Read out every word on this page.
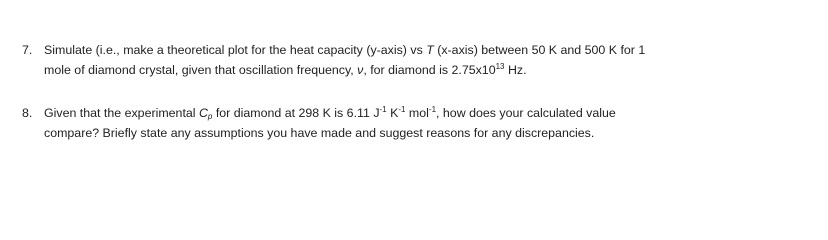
7. Simulate (i.e., make a theoretical plot for the heat capacity (y-axis) vs T (x-axis) between 50 K and 500 K for 1
mole of diamond crystal, given that oscillation frequency, ν, for diamond is $2.75x10^{13}$ Hz.
8. Given that the experimental $C_p$ for diamond at 298 K is 6.11 $J^{-1}$ $K^{-1}$ mol$^{-1}$, how does your calculated value
compare? Briefly state any assumptions you have made and suggest reasons for any discrepancies.
